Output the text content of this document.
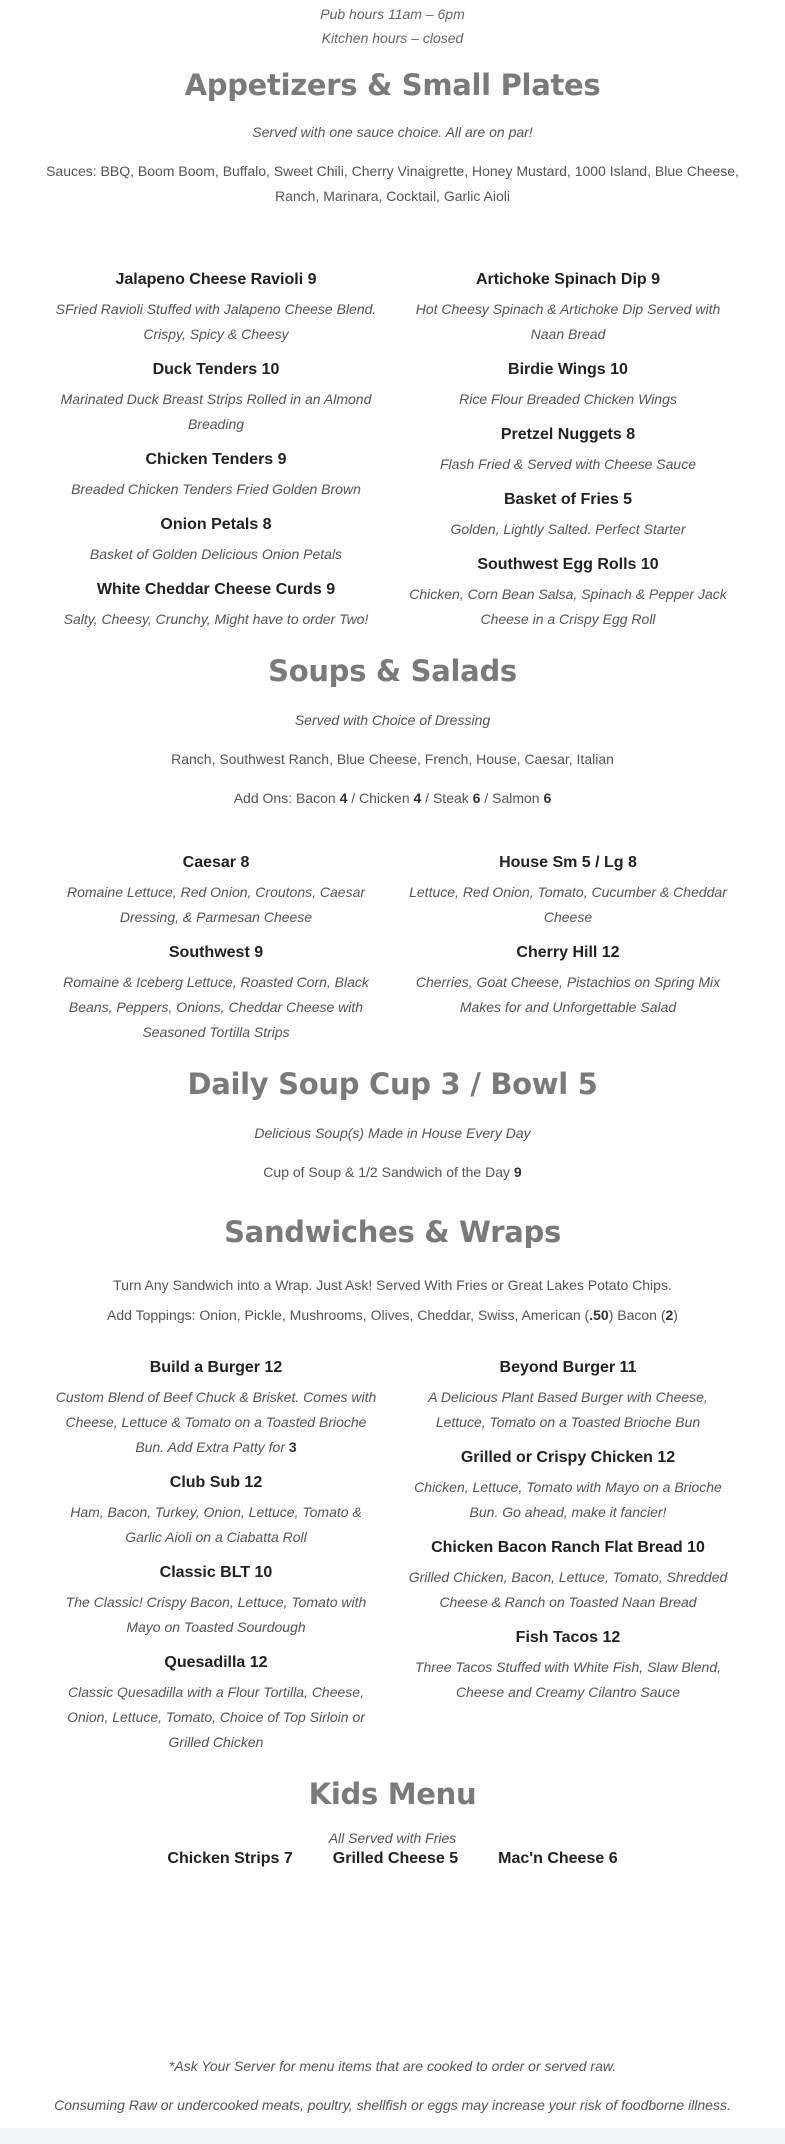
Pub hours 11am – 6pm
Kitchen hours – closed
Appetizers & Small Plates
Served with one sauce choice. All are on par!
Sauces: BBQ, Boom Boom, Buffalo, Sweet Chili, Cherry Vinaigrette, Honey Mustard, 1000 Island, Blue Cheese,
Ranch, Marinara, Cocktail, Garlic Aioli
Jalapeno Cheese Ravioli 9
SFried Ravioli Stuffed with Jalapeno Cheese Blend. Crispy, Spicy & Cheesy
Duck Tenders 10
Marinated Duck Breast Strips Rolled in an Almond Breading
Chicken Tenders 9
Breaded Chicken Tenders Fried Golden Brown
Onion Petals 8
Basket of Golden Delicious Onion Petals
White Cheddar Cheese Curds 9
Salty, Cheesy, Crunchy, Might have to order Two!
Artichoke Spinach Dip 9
Hot Cheesy Spinach & Artichoke Dip Served with Naan Bread
Birdie Wings 10
Rice Flour Breaded Chicken Wings
Pretzel Nuggets 8
Flash Fried & Served with Cheese Sauce
Basket of Fries 5
Golden, Lightly Salted. Perfect Starter
Southwest Egg Rolls 10
Chicken, Corn Bean Salsa, Spinach & Pepper Jack Cheese in a Crispy Egg Roll
Soups & Salads
Served with Choice of Dressing
Ranch, Southwest Ranch, Blue Cheese, French, House, Caesar, Italian
Add Ons: Bacon 4 / Chicken 4 / Steak 6 / Salmon 6
Caesar 8
Romaine Lettuce, Red Onion, Croutons, Caesar Dressing, & Parmesan Cheese
Southwest 9
Romaine & Iceberg Lettuce, Roasted Corn, Black Beans, Peppers, Onions, Cheddar Cheese with Seasoned Tortilla Strips
House Sm 5 / Lg 8
Lettuce, Red Onion, Tomato, Cucumber & Cheddar Cheese
Cherry Hill 12
Cherries, Goat Cheese, Pistachios on Spring Mix Makes for and Unforgettable Salad
Daily Soup Cup 3 / Bowl 5
Delicious Soup(s) Made in House Every Day
Cup of Soup & 1/2 Sandwich of the Day 9
Sandwiches & Wraps
Turn Any Sandwich into a Wrap. Just Ask! Served With Fries or Great Lakes Potato Chips.
Add Toppings: Onion, Pickle, Mushrooms, Olives, Cheddar, Swiss, American (.50) Bacon (2)
Build a Burger 12
Custom Blend of Beef Chuck & Brisket. Comes with Cheese, Lettuce & Tomato on a Toasted Brioche Bun. Add Extra Patty for 3
Club Sub 12
Ham, Bacon, Turkey, Onion, Lettuce, Tomato & Garlic Aioli on a Ciabatta Roll
Classic BLT 10
The Classic! Crispy Bacon, Lettuce, Tomato with Mayo on Toasted Sourdough
Quesadilla 12
Classic Quesadilla with a Flour Tortilla, Cheese, Onion, Lettuce, Tomato, Choice of Top Sirloin or Grilled Chicken
Beyond Burger 11
A Delicious Plant Based Burger with Cheese, Lettuce, Tomato on a Toasted Brioche Bun
Grilled or Crispy Chicken 12
Chicken, Lettuce, Tomato with Mayo on a Brioche Bun. Go ahead, make it fancier!
Chicken Bacon Ranch Flat Bread 10
Grilled Chicken, Bacon, Lettuce, Tomato, Shredded Cheese & Ranch on Toasted Naan Bread
Fish Tacos 12
Three Tacos Stuffed with White Fish, Slaw Blend, Cheese and Creamy Cilantro Sauce
Kids Menu
All Served with Fries
Chicken Strips 7	Grilled Cheese 5	Mac'n Cheese 6
*Ask Your Server for menu items that are cooked to order or served raw.
Consuming Raw or undercooked meats, poultry, shellfish or eggs may increase your risk of foodborne illness.
